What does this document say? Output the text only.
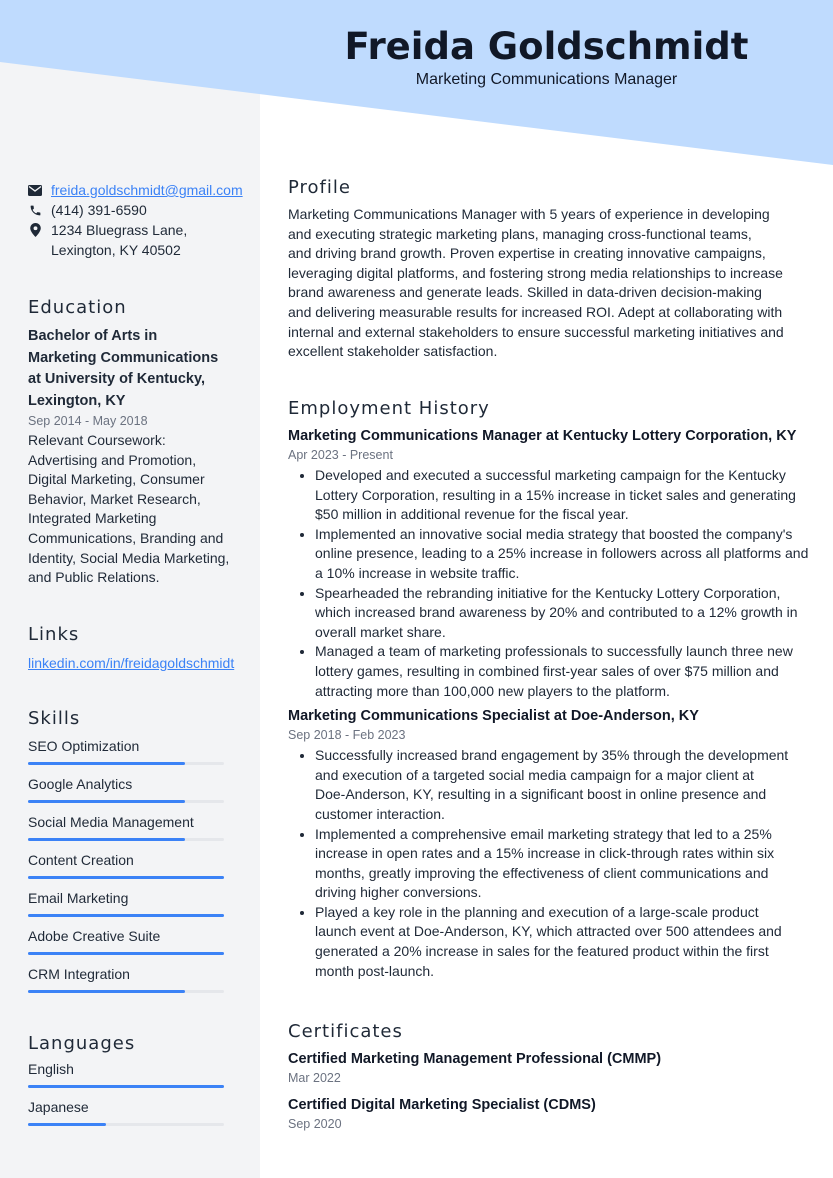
Freida Goldschmidt
Marketing Communications Manager
freida.goldschmidt@gmail.com
(414) 391-6590
1234 Bluegrass Lane,
Lexington, KY 40502
Education
Bachelor of Arts in
Marketing Communications
at University of Kentucky,
Lexington, KY
Sep 2014 - May 2018
Relevant Coursework:
Advertising and Promotion,
Digital Marketing, Consumer
Behavior, Market Research,
Integrated Marketing
Communications, Branding and
Identity, Social Media Marketing,
and Public Relations.
Links
linkedin.com/in/freidagoldschmidt
Skills
SEO Optimization
Google Analytics
Social Media Management
Content Creation
Email Marketing
Adobe Creative Suite
CRM Integration
Languages
English
Japanese
Profile

Marketing Communications Manager with 5 years of experience in developing
and executing strategic marketing plans, managing cross-functional teams,
and driving brand growth. Proven expertise in creating innovative campaigns,
leveraging digital platforms, and fostering strong media relationships to increase
brand awareness and generate leads. Skilled in data-driven decision-making
and delivering measurable results for increased ROI. Adept at collaborating with
internal and external stakeholders to ensure successful marketing initiatives and
excellent stakeholder satisfaction.

Employment History
Marketing Communications Manager at Kentucky Lottery Corporation, KY
Apr 2023 - Present
• Developed and executed a successful marketing campaign for the Kentucky
Lottery Corporation, resulting in a 15% increase in ticket sales and generating
$50 million in additional revenue for the fiscal year.
• Implemented an innovative social media strategy that boosted the company's
online presence, leading to a 25% increase in followers across all platforms and
a 10% increase in website traffic.
• Spearheaded the rebranding initiative for the Kentucky Lottery Corporation,
which increased brand awareness by 20% and contributed to a 12% growth in
overall market share.
• Managed a team of marketing professionals to successfully launch three new
lottery games, resulting in combined first-year sales of over $75 million and
attracting more than 100,000 new players to the platform.
Marketing Communications Specialist at Doe-Anderson, KY
Sep 2018 - Feb 2023
• Successfully increased brand engagement by 35% through the development
and execution of a targeted social media campaign for a major client at
Doe-Anderson, KY, resulting in a significant boost in online presence and
customer interaction.
• Implemented a comprehensive email marketing strategy that led to a 25%
increase in open rates and a 15% increase in click-through rates within six
months, greatly improving the effectiveness of client communications and
driving higher conversions.
• Played a key role in the planning and execution of a large-scale product
launch event at Doe-Anderson, KY, which attracted over 500 attendees and
generated a 20% increase in sales for the featured product within the first
month post-launch.
Certificates
Certified Marketing Management Professional (CMMP)
Mar 2022
Certified Digital Marketing Specialist (CDMS)
Sep 2020
